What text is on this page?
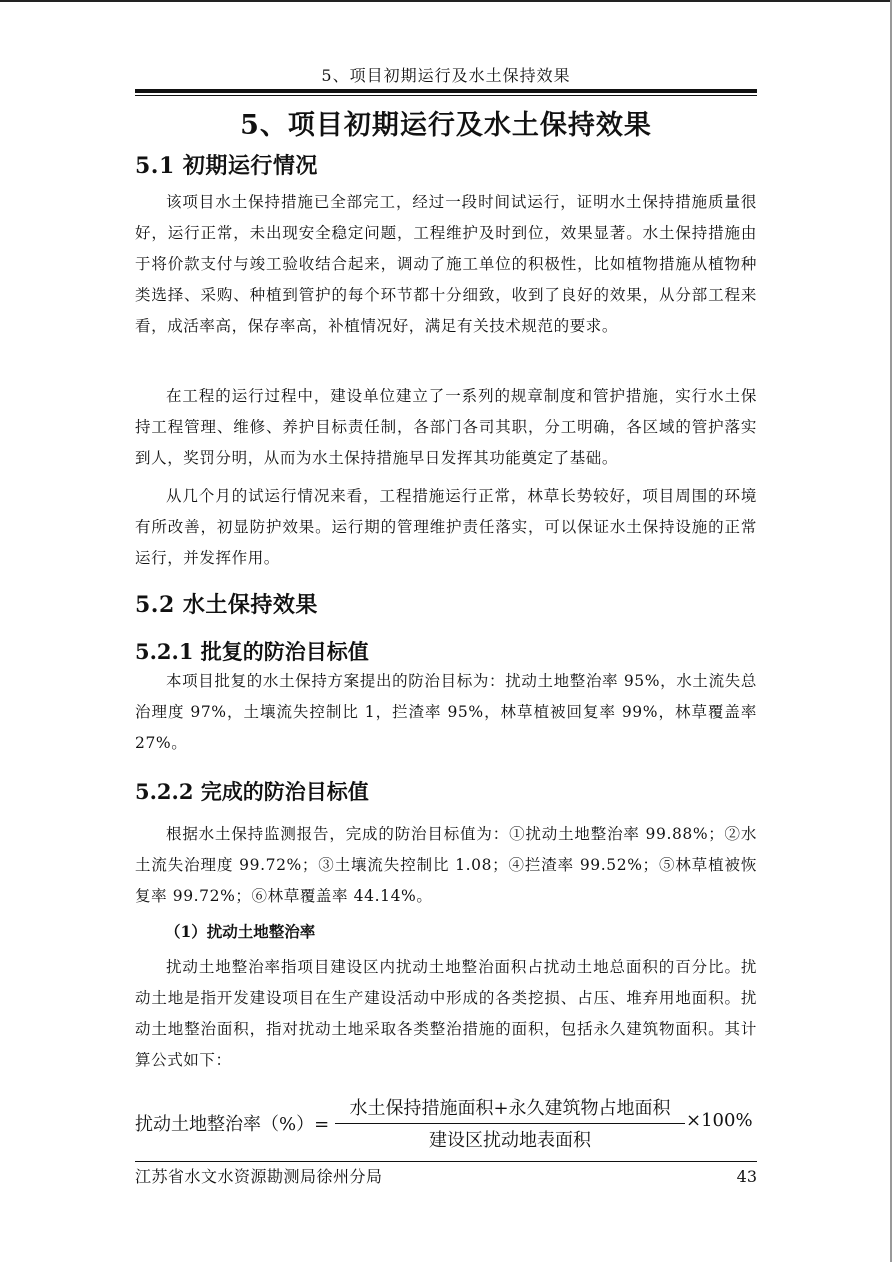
5、项目初期运行及水土保持效果
5、项目初期运行及水土保持效果
5.1 初期运行情况

该项目水土保持措施已全部完工，经过一段时间试运行，证明水土保持措施质量很好，运行正常，未出现安全稳定问题，工程维护及时到位，效果显著。水土保持措施由于将价款支付与竣工验收结合起来，调动了施工单位的积极性，比如植物措施从植物种类选择、采购、种植到管护的每个环节都十分细致，收到了良好的效果，从分部工程来看，成活率高，保存率高，补植情况好，满足有关技术规范的要求。

在工程的运行过程中，建设单位建立了一系列的规章制度和管护措施，实行水土保持工程管理、维修、养护目标责任制，各部门各司其职，分工明确，各区域的管护落实到人，奖罚分明，从而为水土保持措施早日发挥其功能奠定了基础。

从几个月的试运行情况来看，工程措施运行正常，林草长势较好，项目周围的环境有所改善，初显防护效果。运行期的管理维护责任落实，可以保证水土保持设施的正常运行，并发挥作用。

5.2 水土保持效果
5.2.1 批复的防治目标值

本项目批复的水土保持方案提出的防治目标为：扰动土地整治率 95%，水土流失总治理度 97%，土壤流失控制比 1，拦渣率 95%，林草植被回复率 99%，林草覆盖率 27%。

5.2.2 完成的防治目标值

根据水土保持监测报告，完成的防治目标值为：①扰动土地整治率 99.88%；②水土流失治理度 99.72%；③土壤流失控制比 1.08；④拦渣率 99.52%；⑤林草植被恢复率 99.72%；⑥林草覆盖率 44.14%。

（1）扰动土地整治率

扰动土地整治率指项目建设区内扰动土地整治面积占扰动土地总面积的百分比。扰动土地是指开发建设项目在生产建设活动中形成的各类挖损、占压、堆弃用地面积。扰动土地整治面积，指对扰动土地采取各类整治措施的面积，包括永久建筑物面积。其计算公式如下：

扰动土地整治率（%）=
水土保持措施面积+永久建筑物占地面积
建设区扰动地表面积
×100%
江苏省水文水资源勘测局徐州分局	43
